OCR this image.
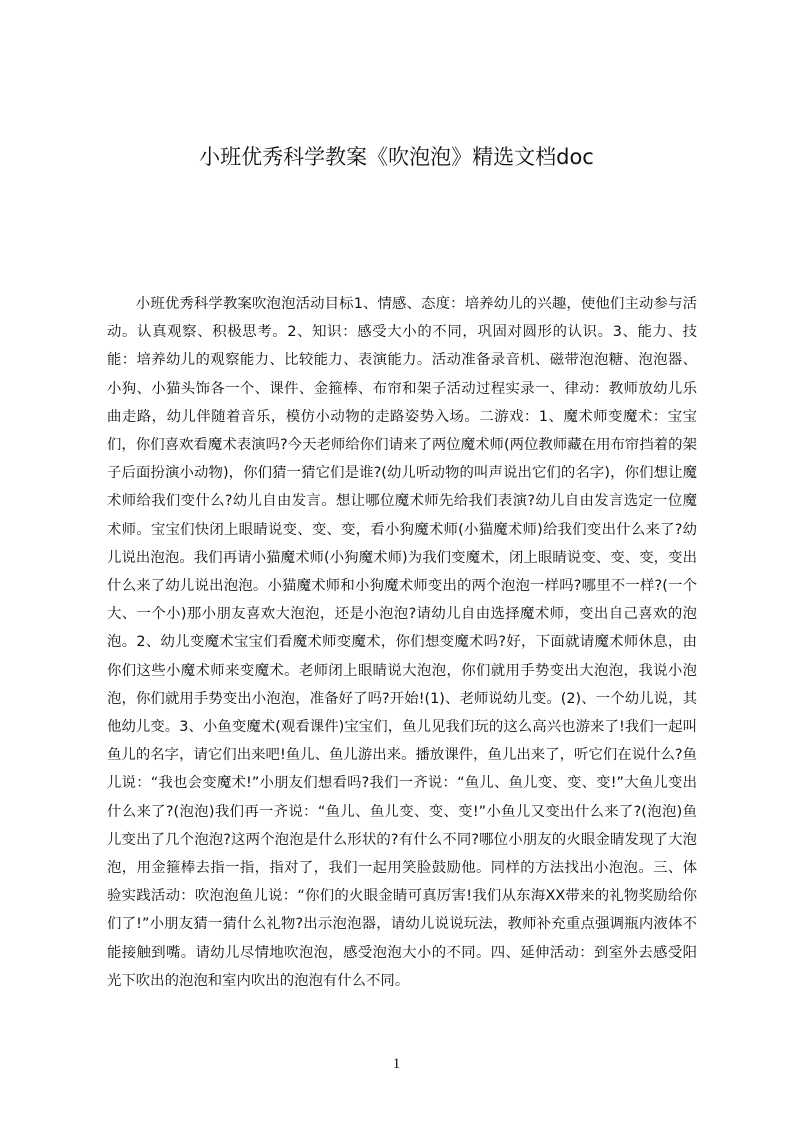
小班优秀科学教案《吹泡泡》精选文档doc

小班优秀科学教案吹泡泡活动目标1、情感、态度：培养幼儿的兴趣，使他们主动参与活动。认真观察、积极思考。2、知识：感受大小的不同，巩固对圆形的认识。3、能力、技能：培养幼儿的观察能力、比较能力、表演能力。活动准备录音机、磁带泡泡糖、泡泡器、小狗、小猫头饰各一个、课件、金箍棒、布帘和架子活动过程实录一、律动：教师放幼儿乐曲走路，幼儿伴随着音乐，模仿小动物的走路姿势入场。二游戏：1、魔术师变魔术：宝宝们，你们喜欢看魔术表演吗?今天老师给你们请来了两位魔术师(两位教师藏在用布帘挡着的架子后面扮演小动物)，你们猜一猜它们是谁?(幼儿听动物的叫声说出它们的名字)，你们想让魔术师给我们变什么?幼儿自由发言。想让哪位魔术师先给我们表演?幼儿自由发言选定一位魔术师。宝宝们快闭上眼睛说变、变、变，看小狗魔术师(小猫魔术师)给我们变出什么来了?幼儿说出泡泡。我们再请小猫魔术师(小狗魔术师)为我们变魔术，闭上眼睛说变、变、变，变出什么来了幼儿说出泡泡。小猫魔术师和小狗魔术师变出的两个泡泡一样吗?哪里不一样?(一个大、一个小)那小朋友喜欢大泡泡，还是小泡泡?请幼儿自由选择魔术师，变出自己喜欢的泡泡。2、幼儿变魔术宝宝们看魔术师变魔术，你们想变魔术吗?好，下面就请魔术师休息，由你们这些小魔术师来变魔术。老师闭上眼睛说大泡泡，你们就用手势变出大泡泡，我说小泡泡，你们就用手势变出小泡泡，准备好了吗?开始!(1)、老师说幼儿变。(2)、一个幼儿说，其他幼儿变。3、小鱼变魔术(观看课件)宝宝们，鱼儿见我们玩的这么高兴也游来了!我们一起叫鱼儿的名字，请它们出来吧!鱼儿、鱼儿游出来。播放课件，鱼儿出来了，听它们在说什么?鱼儿说：“我也会变魔术!”小朋友们想看吗?我们一齐说：“鱼儿、鱼儿变、变、变!”大鱼儿变出什么来了?(泡泡)我们再一齐说：“鱼儿、鱼儿变、变、变!”小鱼儿又变出什么来了?(泡泡)鱼儿变出了几个泡泡?这两个泡泡是什么形状的?有什么不同?哪位小朋友的火眼金睛发现了大泡泡，用金箍棒去指一指，指对了，我们一起用笑脸鼓励他。同样的方法找出小泡泡。三、体验实践活动：吹泡泡鱼儿说：“你们的火眼金睛可真厉害!我们从东海XX带来的礼物奖励给你们了!”小朋友猜一猜什么礼物?出示泡泡器，请幼儿说说玩法，教师补充重点强调瓶内液体不能接触到嘴。请幼儿尽情地吹泡泡，感受泡泡大小的不同。四、延伸活动：到室外去感受阳光下吹出的泡泡和室内吹出的泡泡有什么不同。

1
